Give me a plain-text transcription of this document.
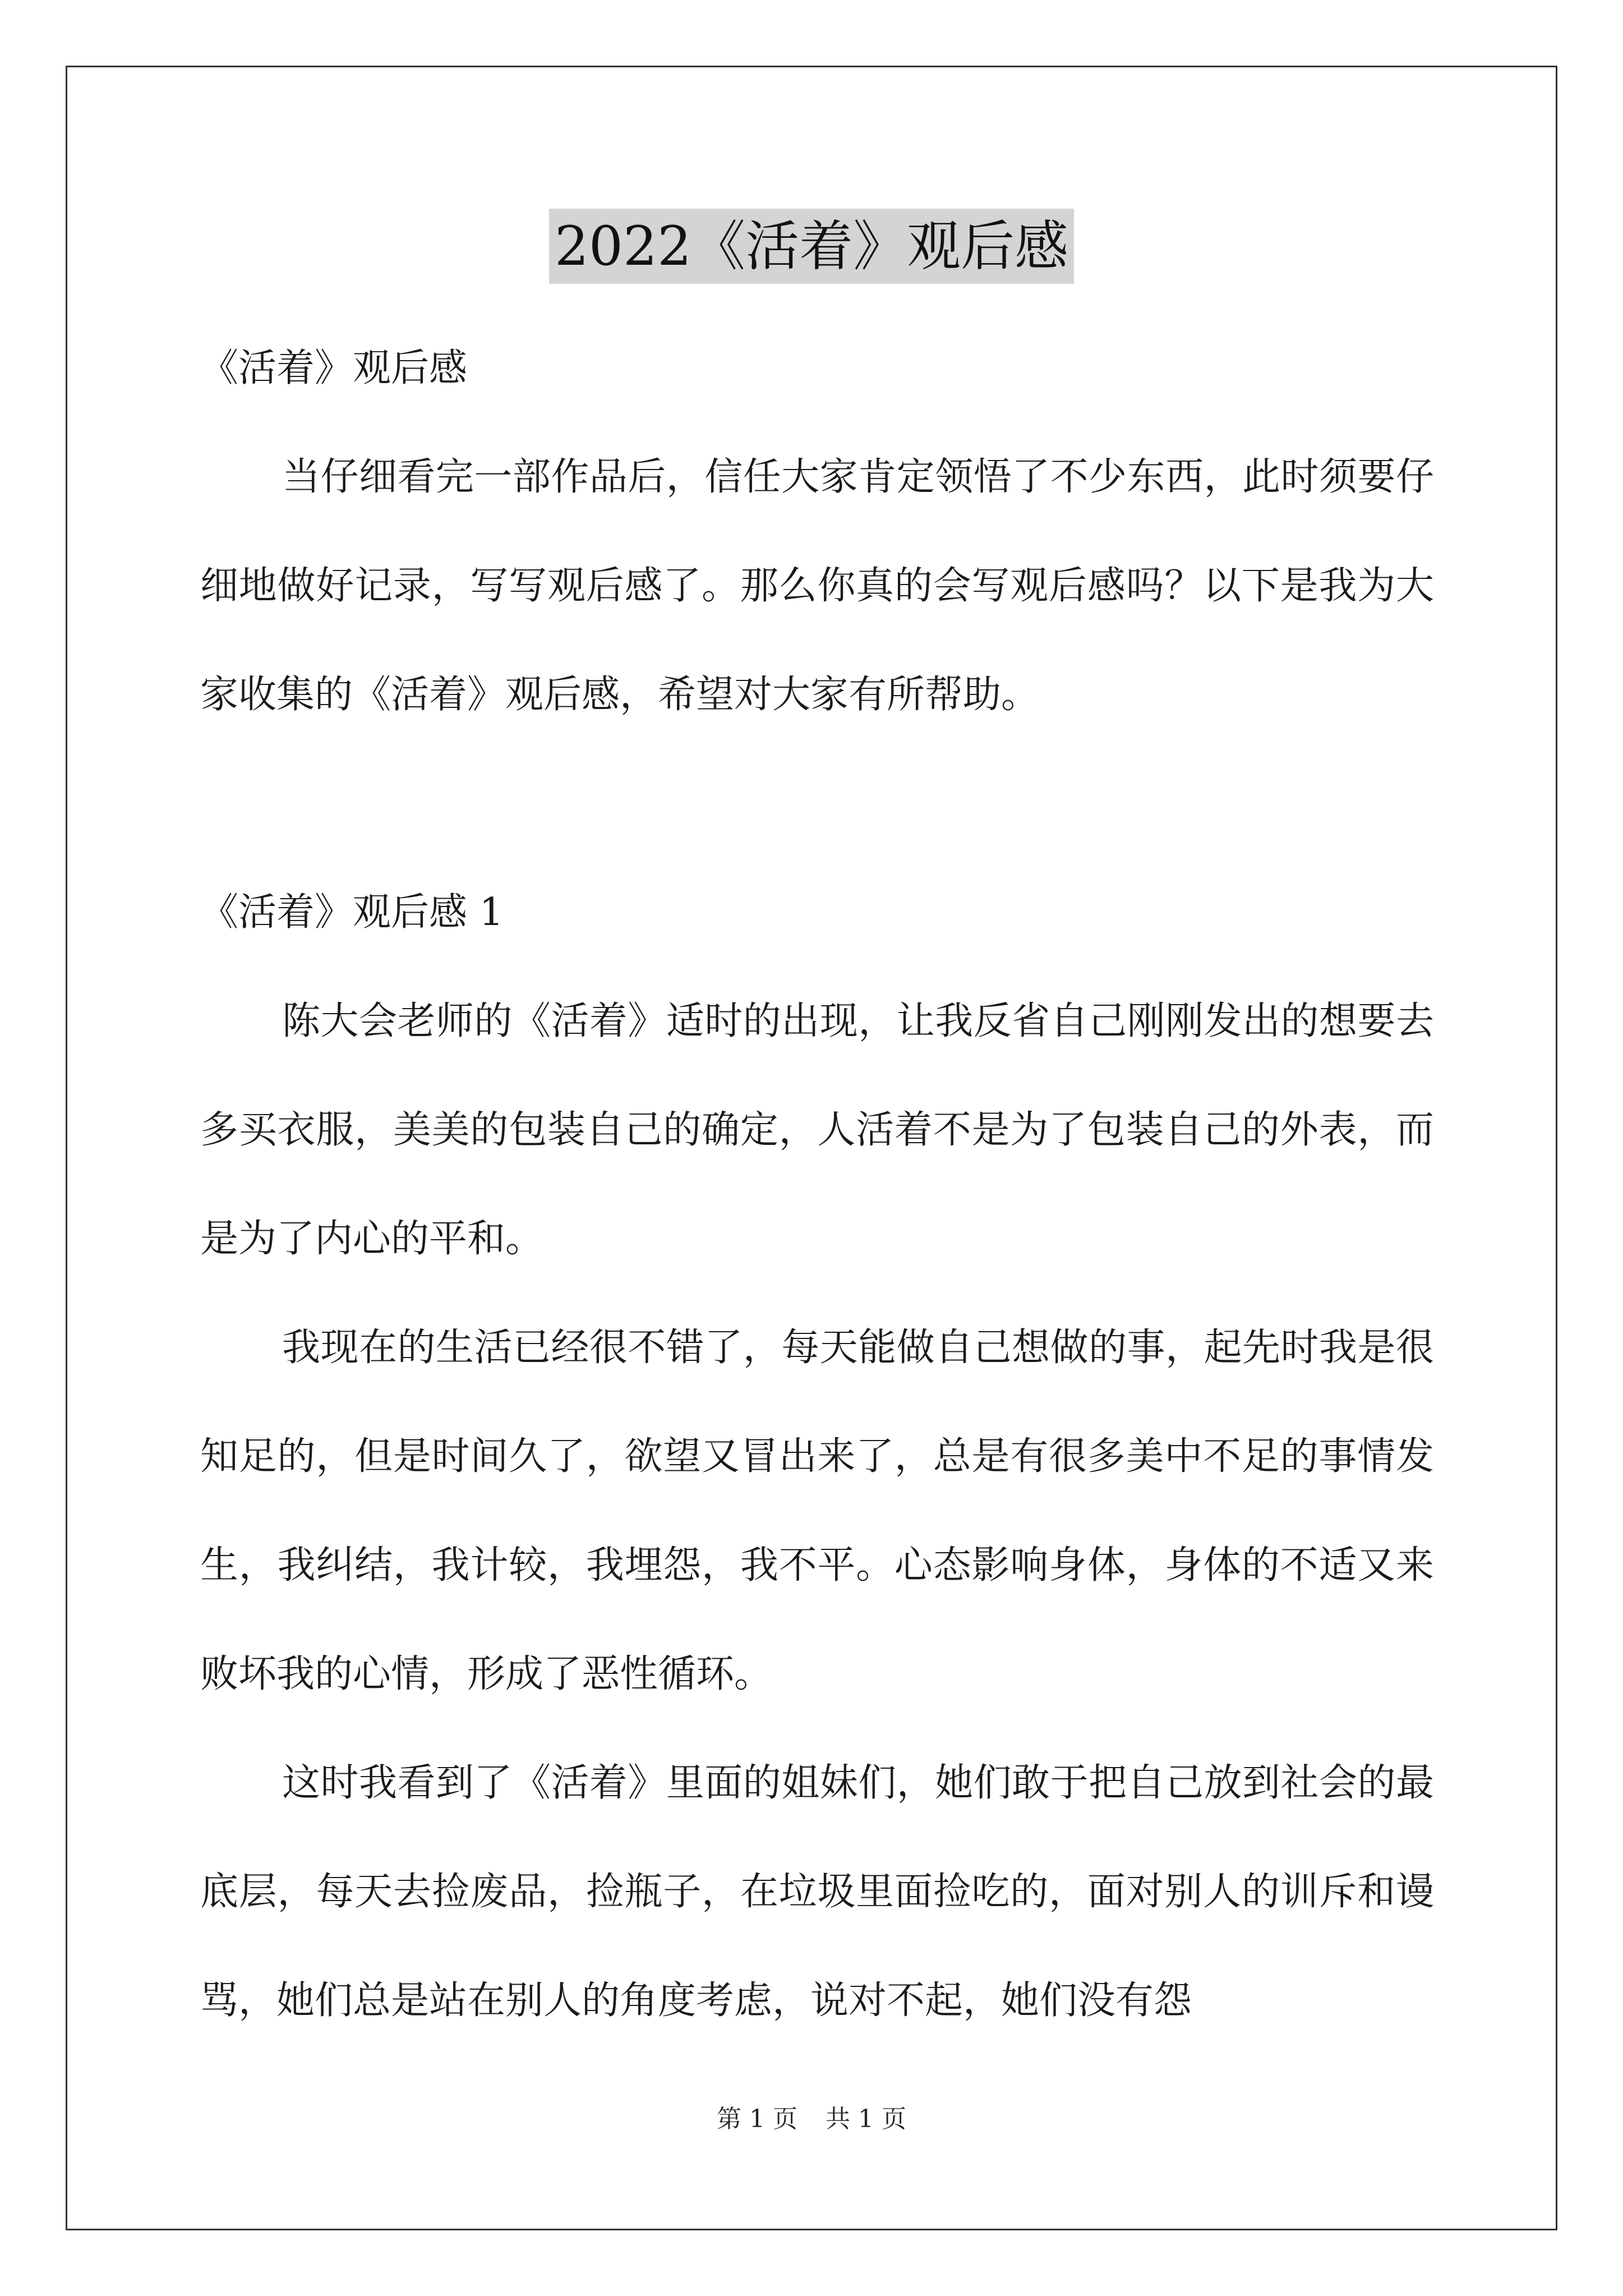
2022《活着》观后感

《活着》观后感

当仔细看完一部作品后，信任大家肯定领悟了不少东西，此时须要仔细地做好记录，写写观后感了。那么你真的会写观后感吗？以下是我为大家收集的《活着》观后感，希望对大家有所帮助。

《活着》观后感 1

陈大会老师的《活着》适时的出现，让我反省自己刚刚发出的想要去多买衣服，美美的包装自己的确定，人活着不是为了包装自己的外表，而是为了内心的平和。

我现在的生活已经很不错了，每天能做自己想做的事，起先时我是很知足的，但是时间久了，欲望又冒出来了，总是有很多美中不足的事情发生，我纠结，我计较，我埋怨，我不平。心态影响身体，身体的不适又来败坏我的心情，形成了恶性循环。

这时我看到了《活着》里面的姐妹们，她们敢于把自己放到社会的最底层，每天去捡废品，捡瓶子，在垃圾里面捡吃的，面对别人的训斥和谩骂，她们总是站在别人的角度考虑，说对不起，她们没有怨

第 1 页 共 1 页
